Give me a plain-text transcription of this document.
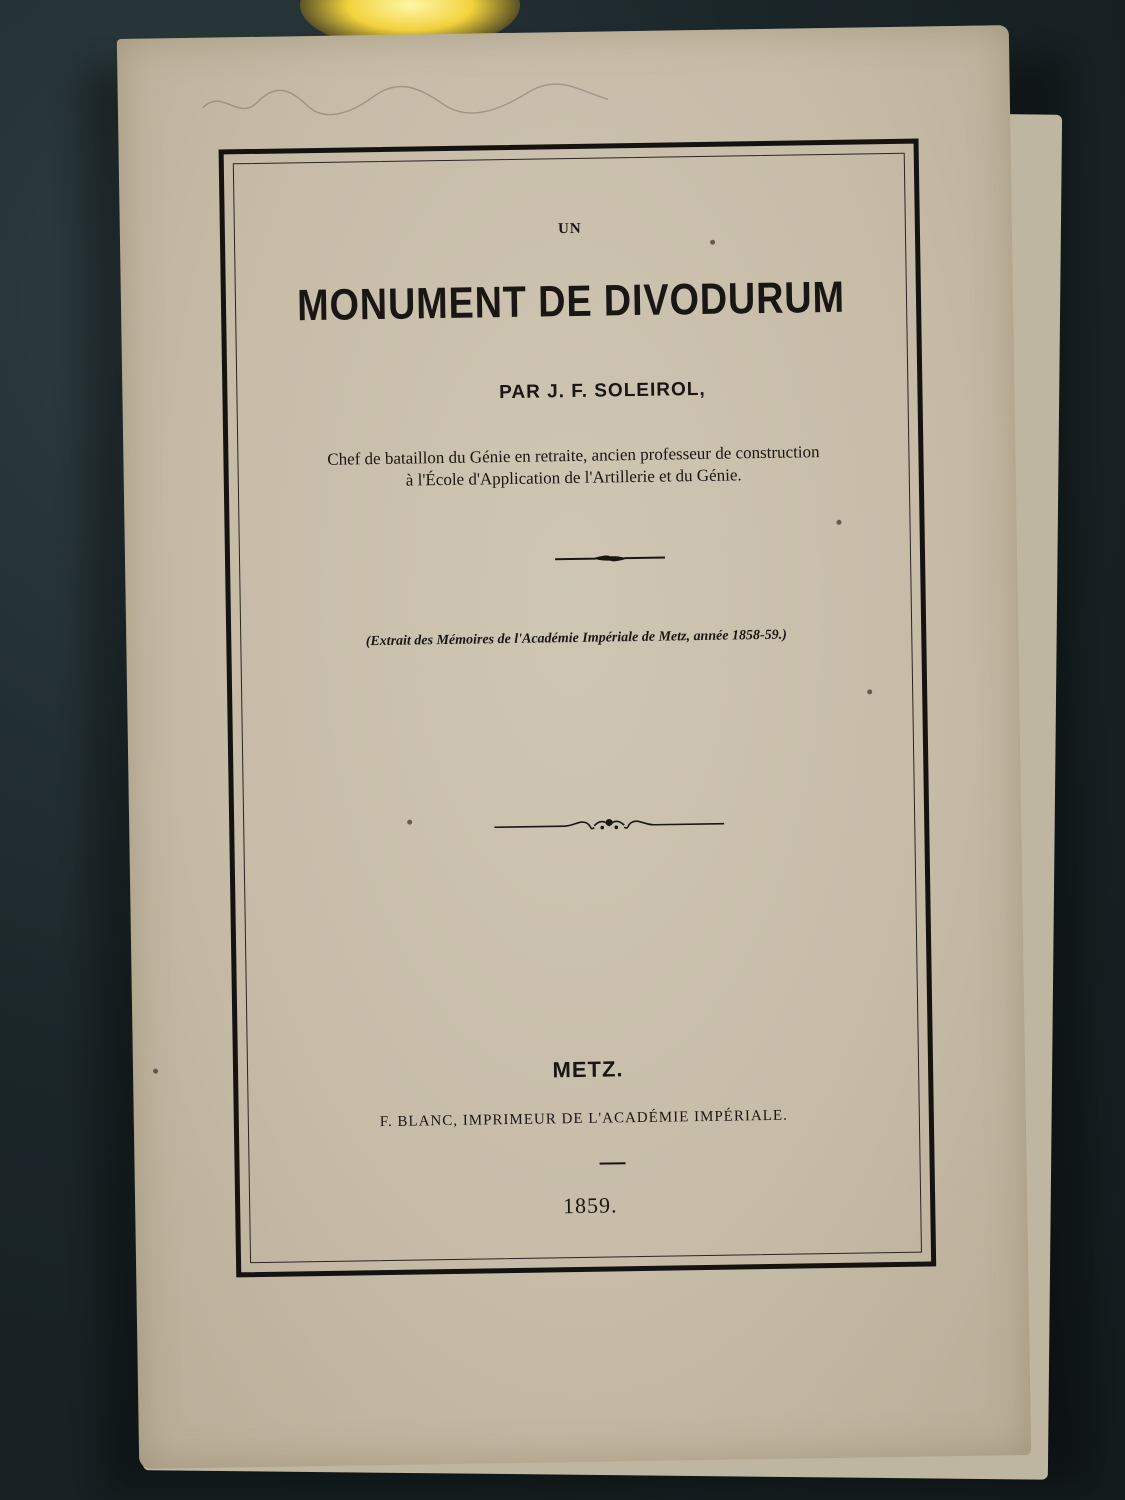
UN
MONUMENT DE DIVODURUM
PAR J. F. SOLEIROL,
Chef de bataillon du Génie en retraite, ancien professeur de construction
à l'École d'Application de l'Artillerie et du Génie.
(Extrait des Mémoires de l'Académie Impériale de Metz, année 1858-59.)
METZ.
F. BLANC, IMPRIMEUR DE L'ACADÉMIE IMPÉRIALE.
1859.
